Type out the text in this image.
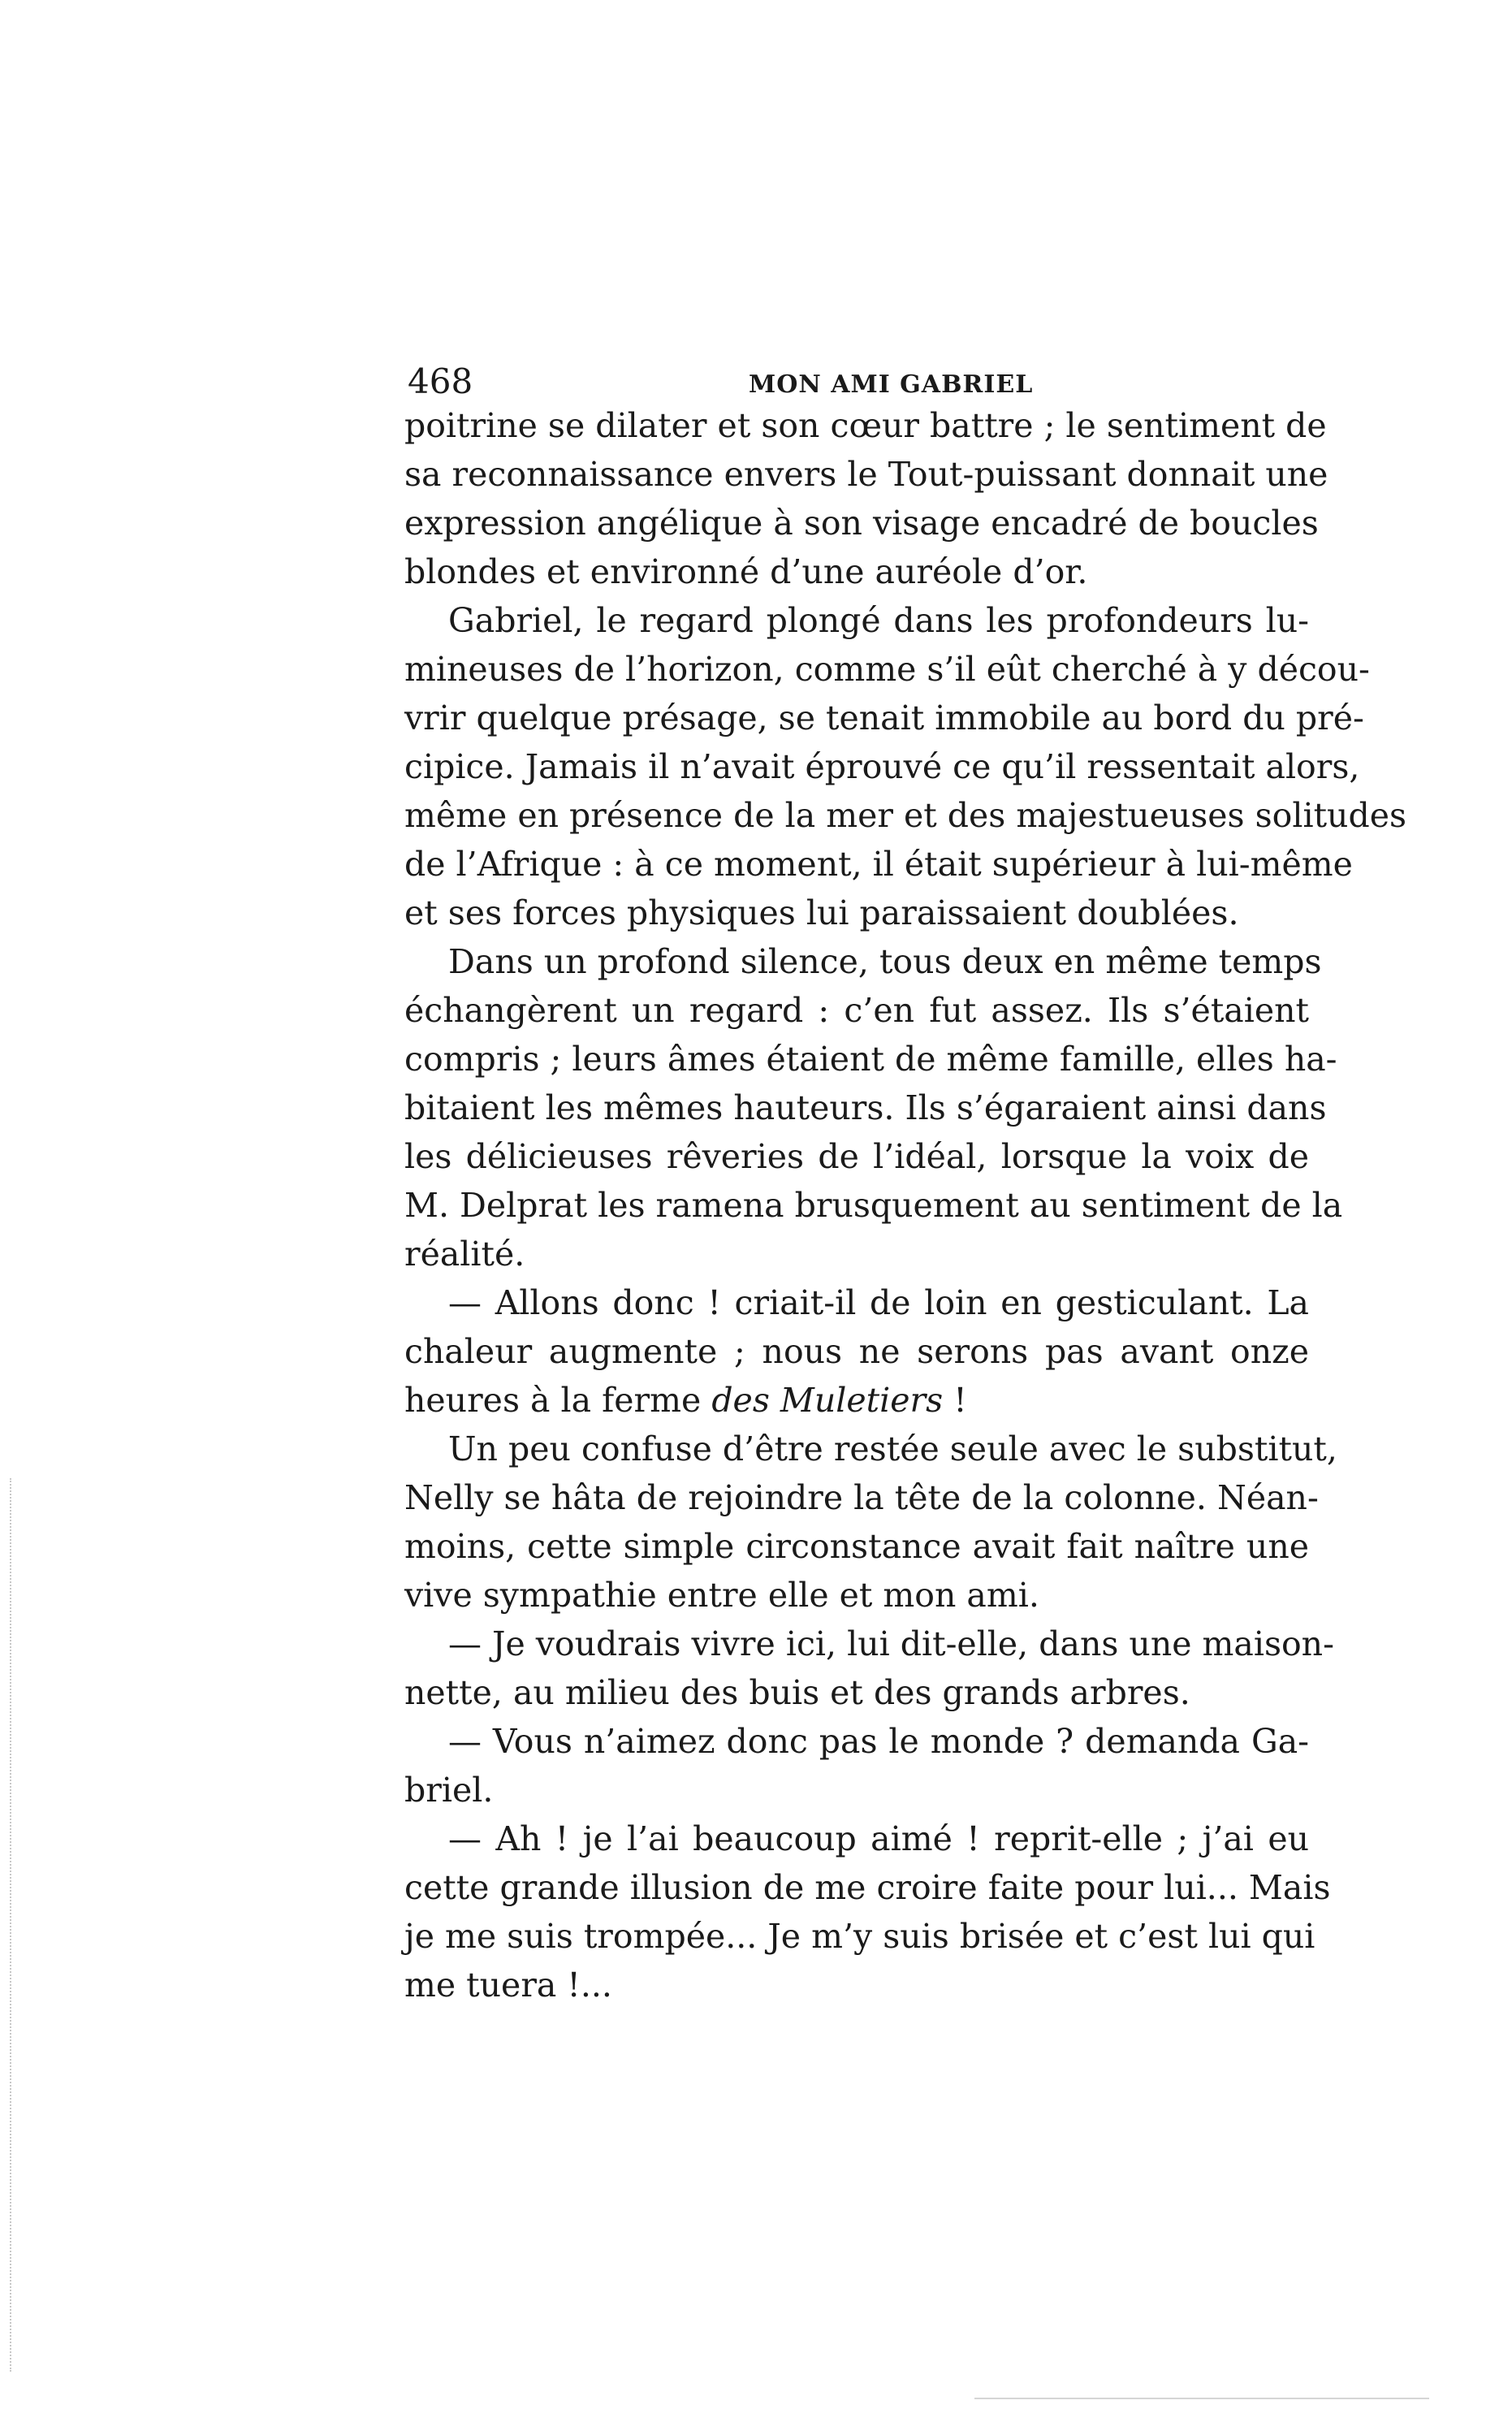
468	MON AMI GABRIEL
poitrine se dilater et son cœur battre ; le sentiment de
sa reconnaissance envers le Tout-puissant donnait une
expression angélique à son visage encadré de boucles
blondes et environné d’une auréole d’or.
Gabriel, le regard plongé dans les profondeurs lu-
mineuses de l’horizon, comme s’il eût cherché à y décou-
vrir quelque présage, se tenait immobile au bord du pré-
cipice. Jamais il n’avait éprouvé ce qu’il ressentait alors,
même en présence de la mer et des majestueuses solitudes
de l’Afrique : à ce moment, il était supérieur à lui-même
et ses forces physiques lui paraissaient doublées.
Dans un profond silence, tous deux en même temps
échangèrent un regard : c’en fut assez. Ils s’étaient
compris ; leurs âmes étaient de même famille, elles ha-
bitaient les mêmes hauteurs. Ils s’égaraient ainsi dans
les délicieuses rêveries de l’idéal, lorsque la voix de
M. Delprat les ramena brusquement au sentiment de la
réalité.
— Allons donc ! criait-il de loin en gesticulant. La
chaleur augmente ; nous ne serons pas avant onze
heures à la ferme des Muletiers !
Un peu confuse d’être restée seule avec le substitut,
Nelly se hâta de rejoindre la tête de la colonne. Néan-
moins, cette simple circonstance avait fait naître une
vive sympathie entre elle et mon ami.
— Je voudrais vivre ici, lui dit-elle, dans une maison-
nette, au milieu des buis et des grands arbres.
— Vous n’aimez donc pas le monde ? demanda Ga-
briel.
— Ah ! je l’ai beaucoup aimé ! reprit-elle ; j’ai eu
cette grande illusion de me croire faite pour lui... Mais
je me suis trompée... Je m’y suis brisée et c’est lui qui
me tuera !...
